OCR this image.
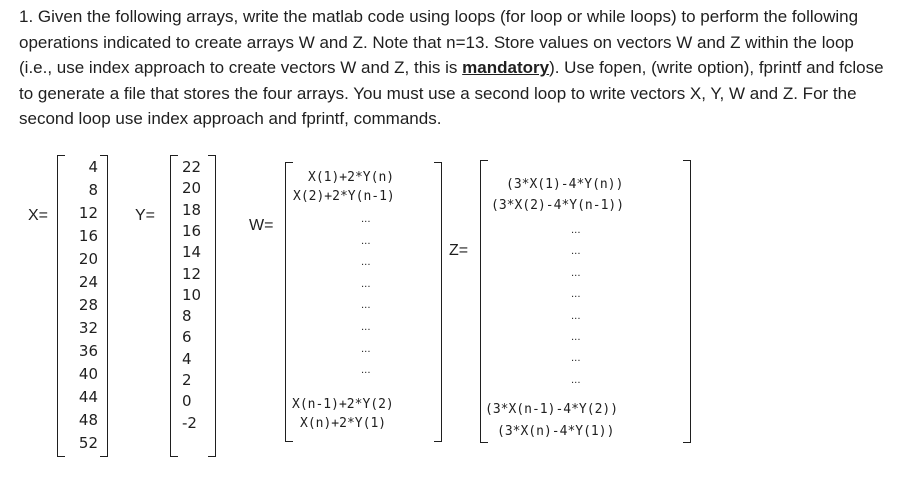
1. Given the following arrays, write the matlab code using loops (for loop or while loops) to perform the following operations indicated to create arrays W and Z. Note that n=13. Store values on vectors W and Z within the loop (i.e., use index approach to create vectors W and Z, this is mandatory). Use fopen, (write option), fprintf and fclose to generate a file that stores the four arrays. You must use a second loop to write vectors X, Y, W and Z. For the second loop use index approach and fprintf, commands.
X=
4
8
12
16
20
24
28
32
36
40
44
48
52
Y=
22
20
18
16
14
12
10
8
6
4
2
0
-2
W=
X(1)+2*Y(n)
X(2)+2*Y(n-1)
...
...
...
...
...
...
...
...
X(n-1)+2*Y(2)
X(n)+2*Y(1)
Z=
(3*X(1)-4*Y(n))
(3*X(2)-4*Y(n-1))
...
...
...
...
...
...
...
...
(3*X(n-1)-4*Y(2))
(3*X(n)-4*Y(1))
